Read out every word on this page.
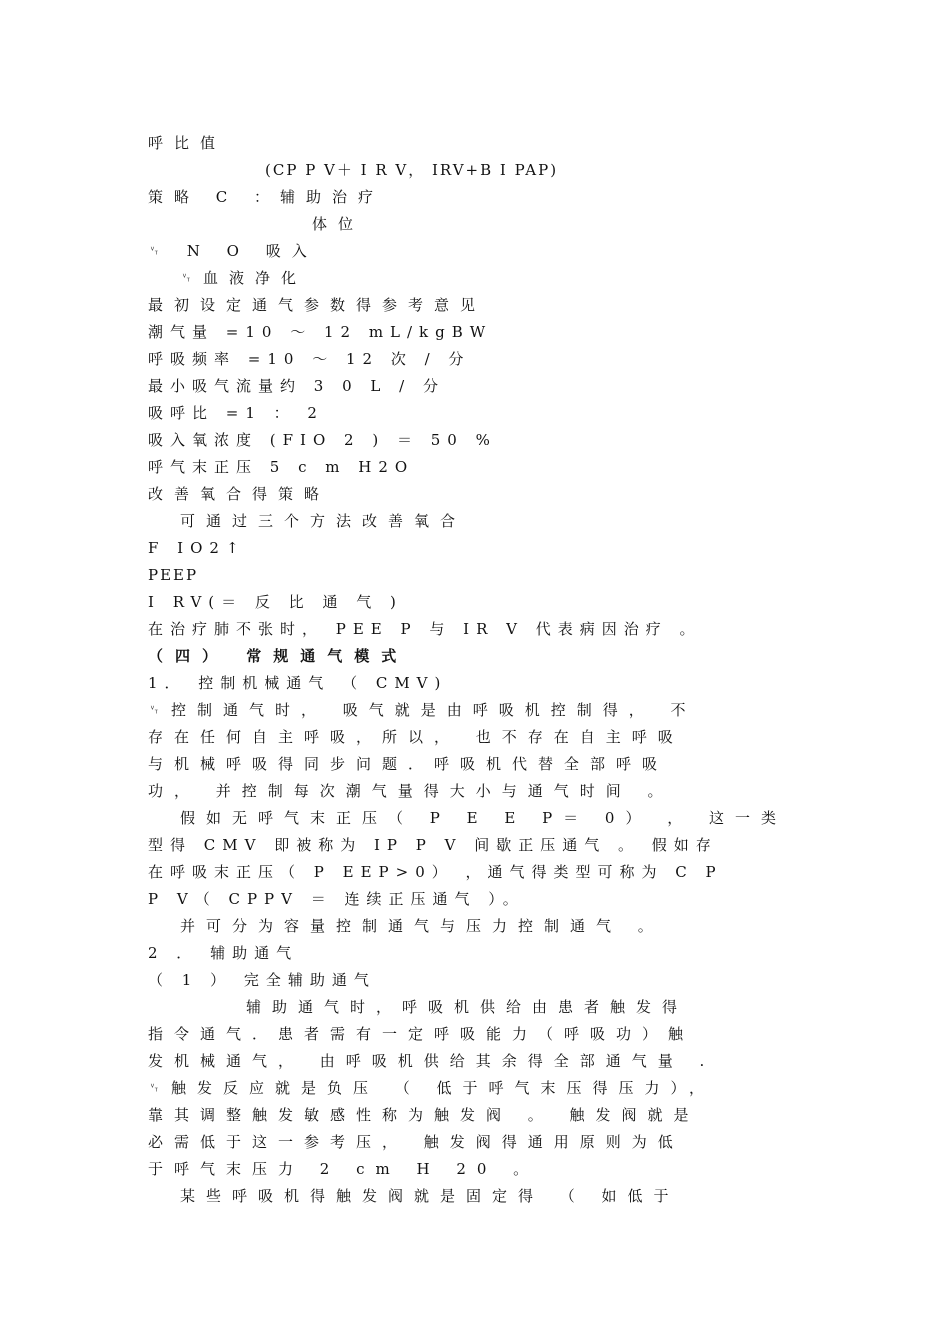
呼比值
(CP P V＋ I R V， IRV+B I PAP)
策略 C ：辅助治疗
体位
␋ N O 吸入
␋血液净化
最初设定通气参数得参考意见
潮气量 =10 ～ 12 mL/kgBW
呼吸频率 =10 ～ 12 次 / 分
最小吸气流量约 3 0 L / 分
吸呼比 =1 ： 2
吸入氧浓度 (FIO 2 ) ＝ 50 %
呼气末正压 5 c m H2O
改善氧合得策略
可通过三个方法改善氧合
F IO2↑
PEEP
I RV(＝ 反 比 通 气 )
在治疗肺不张时， PEE P 与 IR V 代表病因治疗 。
（四） 常规通气模式
1． 控制机械通气 （ CMV)
␋控制通气时， 吸气就是由呼吸机控制得， 不
存在任何自主呼吸，所以， 也不存在自主呼吸
与机械呼吸得同步问题．呼吸机代替全部呼吸
功， 并控制每次潮气量得大小与通气时间 。
假如无呼气末正压（ P E E P＝ 0） ， 这一类
型得 CMV 即被称为 IP P V 间歇正压通气 。 假如存
在呼吸末正压（ P EEP>0） ，通气得类型可称为 C P
P V（ CPPV ＝ 连续正压通气 ）。
并可分为容量控制通气与压力控制通气 。
2 ． 辅助通气
（ 1 ） 完全辅助通气
辅助通气时，呼吸机供给由患者触发得
指令通气．患者需有一定呼吸能力（呼吸功）触
发机械通气， 由呼吸机供给其余得全部通气量 .
␋触发反应就是负压 （ 低于呼气末压得压力），
靠其调整触发敏感性称为触发阀 。 触发阀就是
必需低于这一参考压， 触发阀得通用原则为低
于呼气末压力 2 cm H 20 。
某些呼吸机得触发阀就是固定得 （ 如低于
